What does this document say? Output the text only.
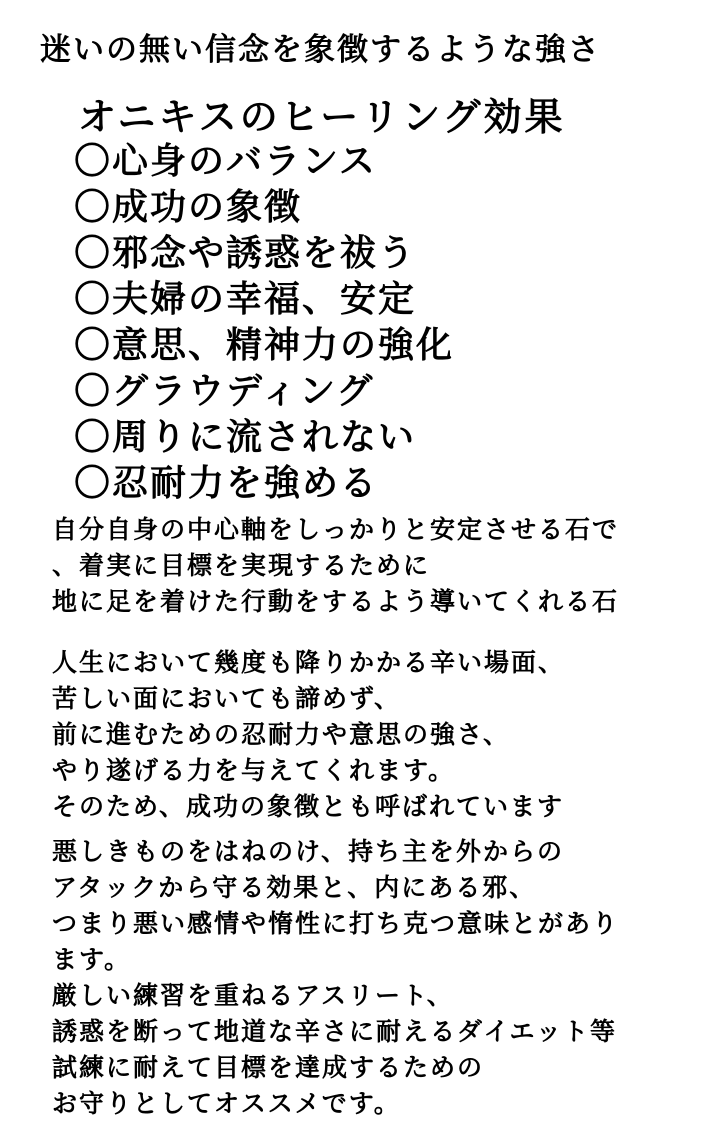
迷いの無い信念を象徴するような強さ
オニキスのヒーリング効果
〇心身のバランス
〇成功の象徴
〇邪念や誘惑を祓う
〇夫婦の幸福、安定
〇意思、精神力の強化
〇グラウディング
〇周りに流されない
〇忍耐力を強める

自分自身の中心軸をしっかりと安定させる石で
、着実に目標を実現するために
地に足を着けた行動をするよう導いてくれる石

人生において幾度も降りかかる辛い場面、
苦しい面においても諦めず、
前に進むための忍耐力や意思の強さ、
やり遂げる力を与えてくれます。
そのため、成功の象徴とも呼ばれています

悪しきものをはねのけ、持ち主を外からの
アタックから守る効果と、内にある邪、
つまり悪い感情や惰性に打ち克つ意味とがあり
ます。
厳しい練習を重ねるアスリート、
誘惑を断って地道な辛さに耐えるダイエット等
試練に耐えて目標を達成するための
お守りとしてオススメです。
